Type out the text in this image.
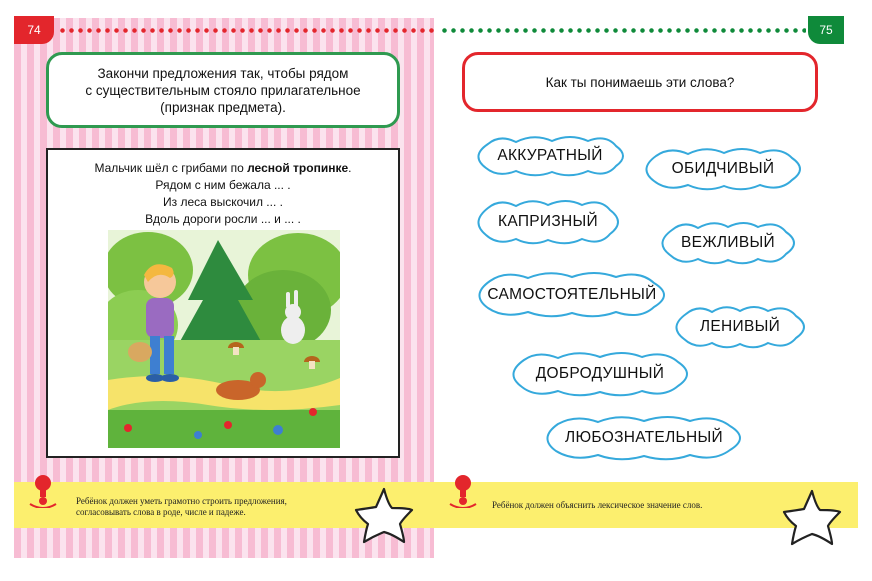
74	75
Закончи предложения так, чтобы рядом
с существительным стояло прилагательное
(признак предмета).
Мальчик шёл с грибами по лесной тропинке.
Рядом с ним бежала ... .
Из леса выскочил ... .
Вдоль дороги росли ... и ... .
Как ты понимаешь эти слова?
АККУРАТНЫЙ
ОБИДЧИВЫЙ
КАПРИЗНЫЙ
ВЕЖЛИВЫЙ
САМОСТОЯТЕЛЬНЫЙ
ЛЕНИВЫЙ
ДОБРОДУШНЫЙ
ЛЮБОЗНАТЕЛЬНЫЙ
Ребёнок должен уметь грамотно строить предложения,
согласовывать слова в роде, числе и падеже.
Ребёнок должен объяснить лексическое значение слов.
